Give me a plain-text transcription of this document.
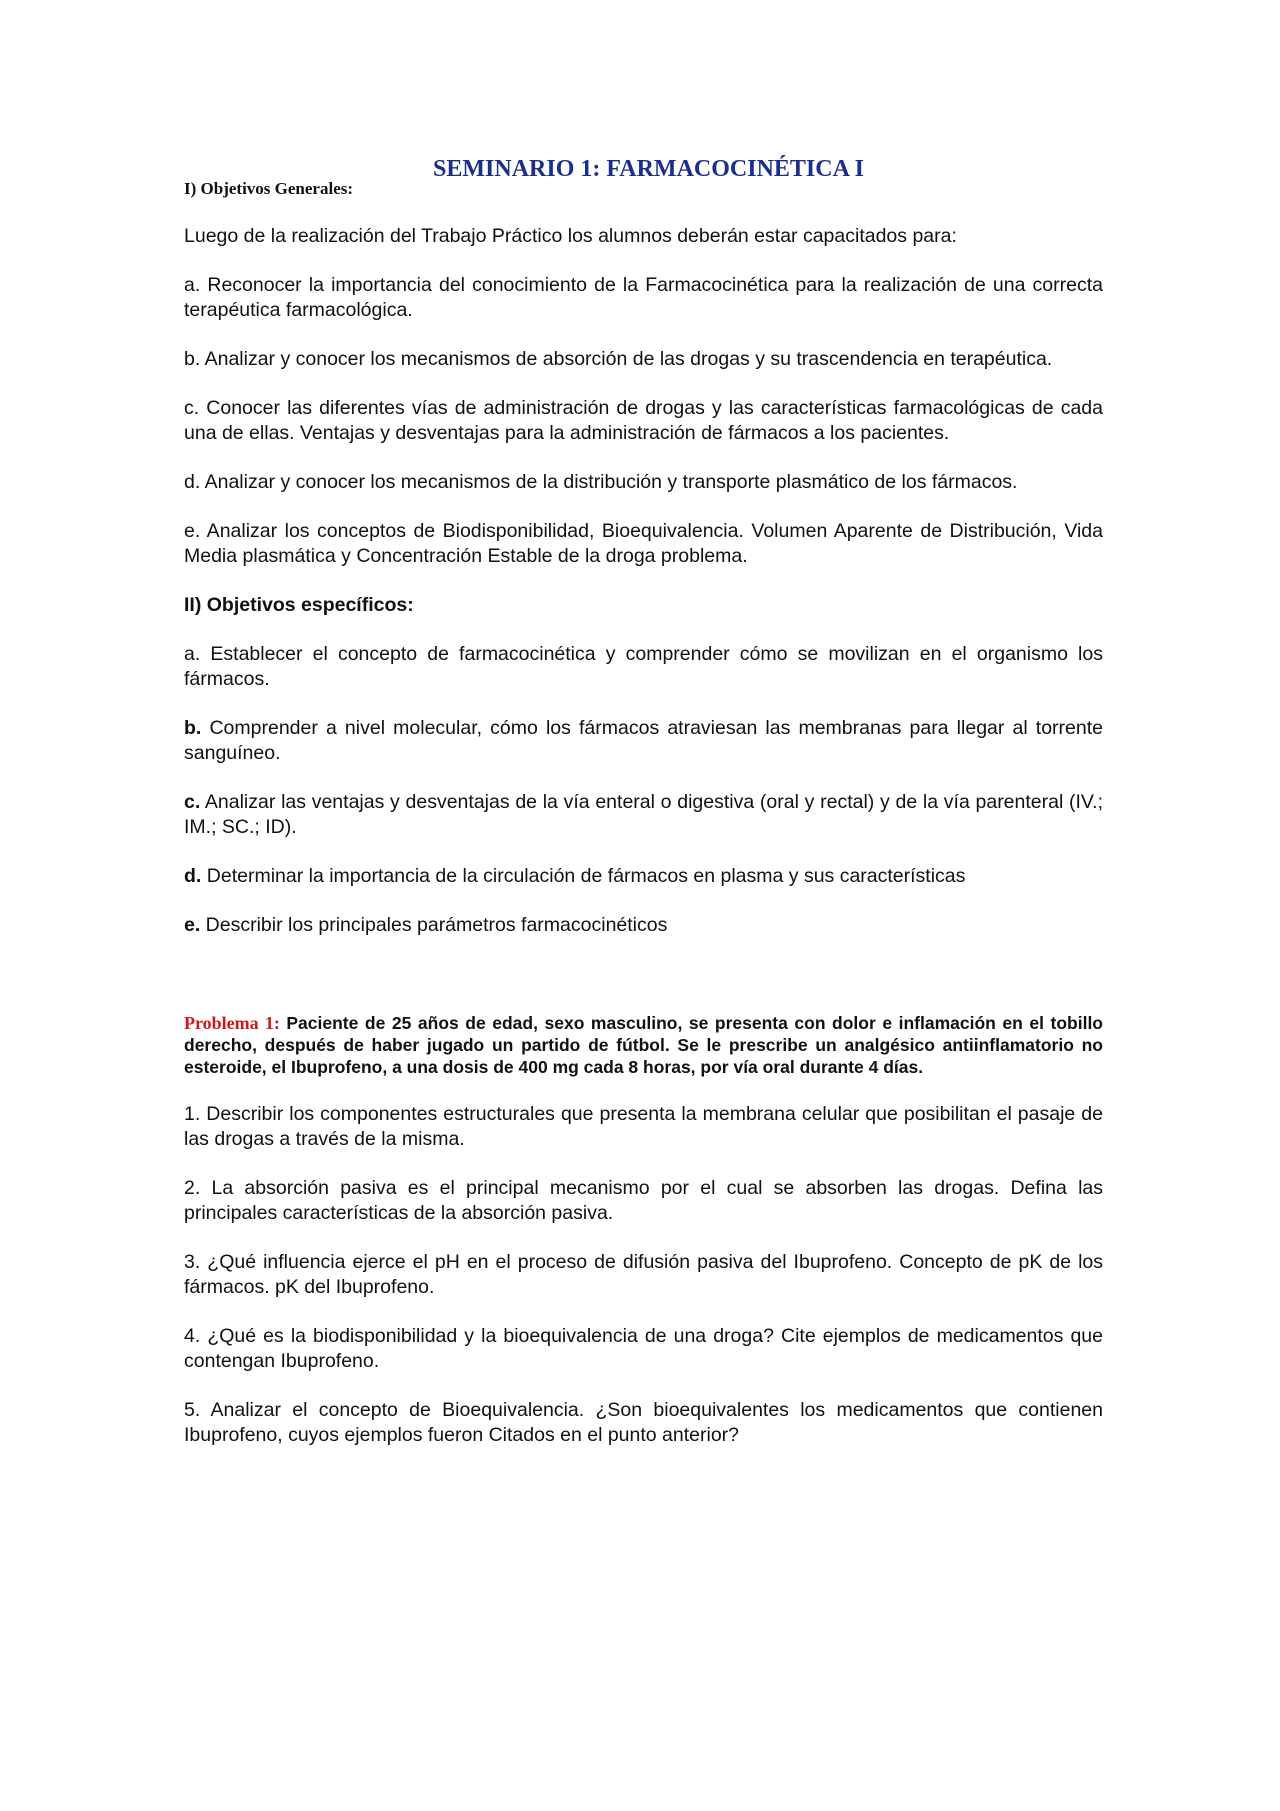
SEMINARIO 1: FARMACOCINÉTICA I
I) Objetivos Generales:

Luego de la realización del Trabajo Práctico los alumnos deberán estar capacitados para:

a. Reconocer la importancia del conocimiento de la Farmacocinética para la realización de una correcta terapéutica farmacológica.

b. Analizar y conocer los mecanismos de absorción de las drogas y su trascendencia en terapéutica.

c. Conocer las diferentes vías de administración de drogas y las características farmacológicas de cada una de ellas. Ventajas y desventajas para la administración de fármacos a los pacientes.

d. Analizar y conocer los mecanismos de la distribución y transporte plasmático de los fármacos.

e. Analizar los conceptos de Biodisponibilidad, Bioequivalencia. Volumen Aparente de Distribución, Vida Media plasmática y Concentración Estable de la droga problema.

II) Objetivos específicos:

a. Establecer el concepto de farmacocinética y comprender cómo se movilizan en el organismo los fármacos.

b. Comprender a nivel molecular, cómo los fármacos atraviesan las membranas para llegar al torrente sanguíneo.

c. Analizar las ventajas y desventajas de la vía enteral o digestiva (oral y rectal) y de la vía parenteral (IV.; IM.; SC.; ID).

d. Determinar la importancia de la circulación de fármacos en plasma y sus características

e. Describir los principales parámetros farmacocinéticos

Problema 1: Paciente de 25 años de edad, sexo masculino, se presenta con dolor e inflamación en el tobillo derecho, después de haber jugado un partido de fútbol. Se le prescribe un analgésico antiinflamatorio no esteroide, el Ibuprofeno, a una dosis de 400 mg cada 8 horas, por vía oral durante 4 días.

1. Describir los componentes estructurales que presenta la membrana celular que posibilitan el pasaje de las drogas a través de la misma.

2. La absorción pasiva es el principal mecanismo por el cual se absorben las drogas. Defina las principales características de la absorción pasiva.

3. ¿Qué influencia ejerce el pH en el proceso de difusión pasiva del Ibuprofeno. Concepto de pK de los fármacos. pK del Ibuprofeno.

4. ¿Qué es la biodisponibilidad y la bioequivalencia de una droga? Cite ejemplos de medicamentos que contengan Ibuprofeno.

5. Analizar el concepto de Bioequivalencia. ¿Son bioequivalentes los medicamentos que contienen Ibuprofeno, cuyos ejemplos fueron Citados en el punto anterior?
